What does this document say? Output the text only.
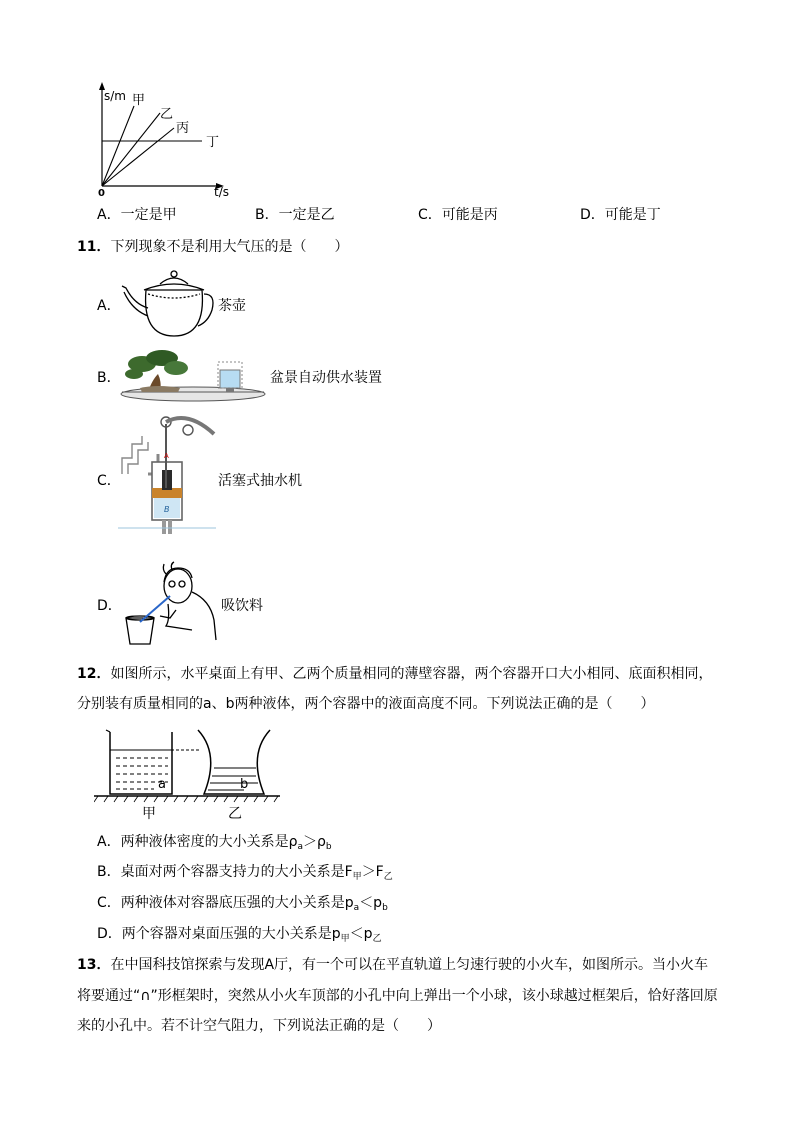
s/m
t/s
0
甲
乙
丙
丁
A．一定是甲	B．一定是乙	C．可能是丙	D．可能是丁
11．下列现象不是利用大气压的是（　　）
A．	茶壶
B．	盆景自动供水装置
C．
A
B
活塞式抽水机
D．	吸饮料
12．如图所示，水平桌面上有甲、乙两个质量相同的薄壁容器，两个容器开口大小相同、底面积相同，
分别装有质量相同的a、b两种液体，两个容器中的液面高度不同。下列说法正确的是（　　）
a	b
甲	乙
A．两种液体密度的大小关系是$\rho_a>\rho_b$
B．桌面对两个容器支持力的大小关系是$F_甲>F_乙$
C．两种液体对容器底压强的大小关系是$p_a<p_b$
D．两个容器对桌面压强的大小关系是$p_甲<p_乙$
13．在中国科技馆探索与发现A厅，有一个可以在平直轨道上匀速行驶的小火车，如图所示。当小火车
将要通过“∩”形框架时，突然从小火车顶部的小孔中向上弹出一个小球，该小球越过框架后，恰好落回原
来的小孔中。若不计空气阻力，下列说法正确的是（　　）
